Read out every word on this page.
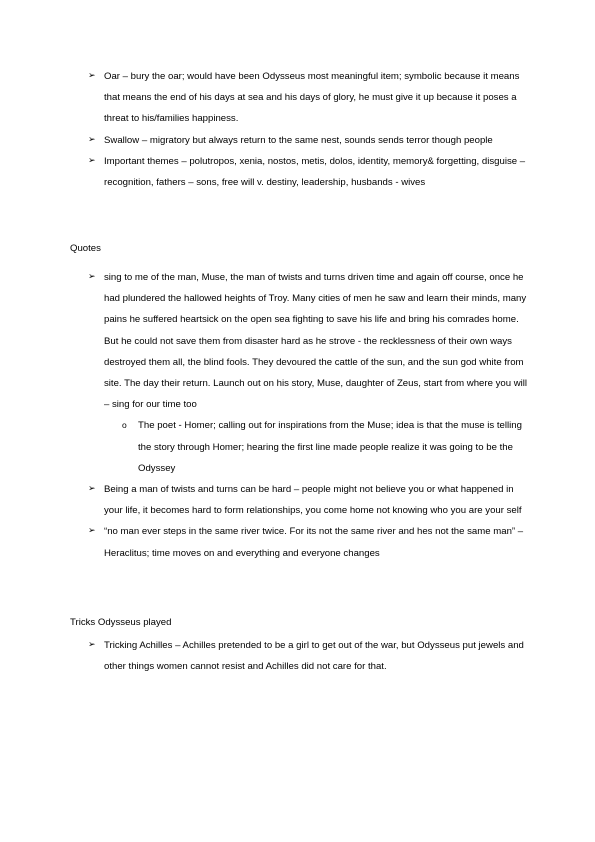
➢ Oar – bury the oar; would have been Odysseus most meaningful item; symbolic because it means that means the end of his days at sea and his days of glory, he must give it up because it poses a threat to his/families happiness.
➢ Swallow – migratory but always return to the same nest, sounds sends terror though people
➢ Important themes – polutropos, xenia, nostos, metis, dolos, identity, memory& forgetting, disguise – recognition, fathers – sons, free will v. destiny, leadership, husbands - wives
Quotes
➢ sing to me of the man, Muse, the man of twists and turns driven time and again off course, once he had plundered the hallowed heights of Troy. Many cities of men he saw and learn their minds, many pains he suffered heartsick on the open sea fighting to save his life and bring his comrades home. But he could not save them from disaster hard as he strove - the recklessness of their own ways destroyed them all, the blind fools. They devoured the cattle of the sun, and the sun god white from site. The day their return. Launch out on his story, Muse, daughter of Zeus, start from where you will – sing for our time too
o The poet - Homer; calling out for inspirations from the Muse; idea is that the muse is telling the story through Homer; hearing the first line made people realize it was going to be the Odyssey
➢ Being a man of twists and turns can be hard – people might not believe you or what happened in your life, it becomes hard to form relationships, you come home not knowing who you are your self
➢ “no man ever steps in the same river twice. For its not the same river and hes not the same man” – Heraclitus; time moves on and everything and everyone changes
Tricks Odysseus played
➢ Tricking Achilles – Achilles pretended to be a girl to get out of the war, but Odysseus put jewels and other things women cannot resist and Achilles did not care for that.
